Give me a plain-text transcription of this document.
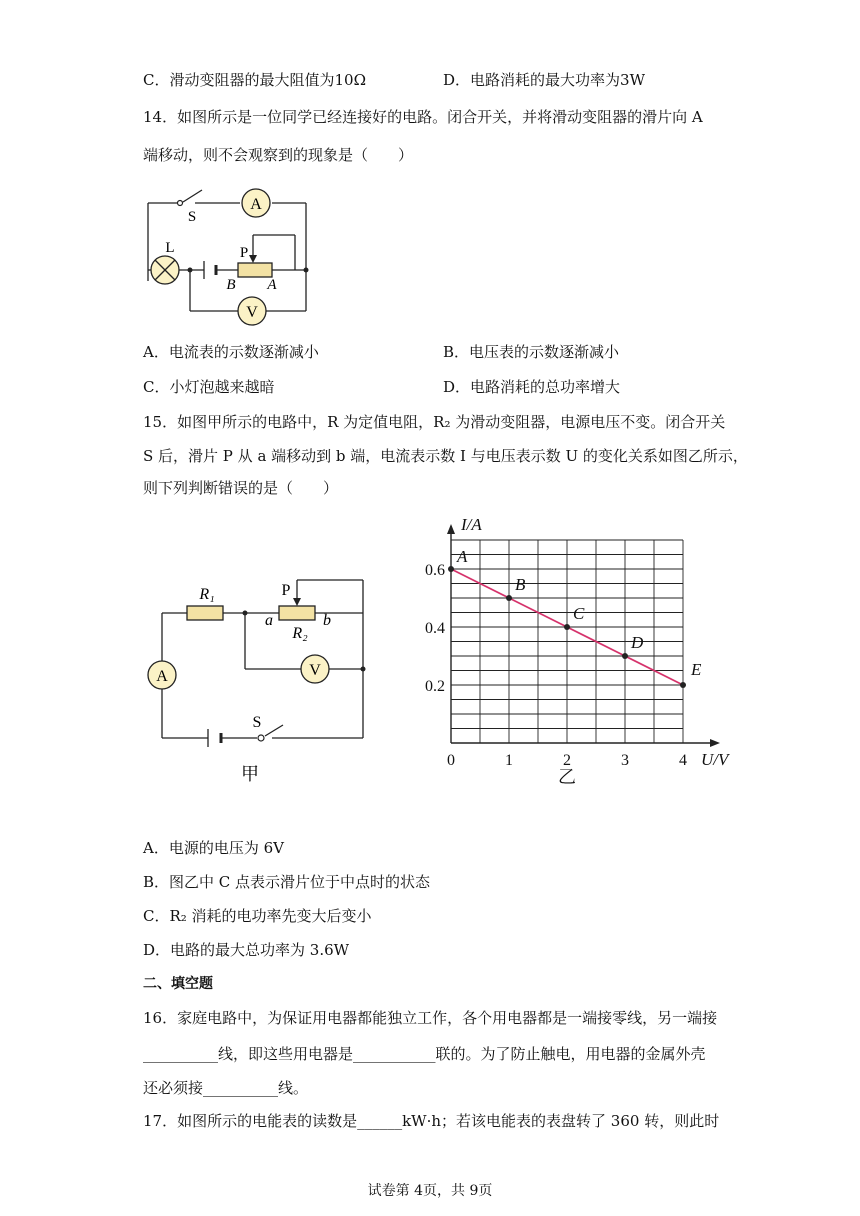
C．滑动变阻器的最大阻值为10Ω	D．电路消耗的最大功率为3W
14．如图所示是一位同学已经连接好的电路。闭合开关，并将滑动变阻器的滑片向 A
端移动，则不会观察到的现象是（　　）
A
S
L	P
B A
V
A．电流表的示数逐渐减小	B．电压表的示数逐渐减小
C．小灯泡越来越暗	D．电路消耗的总功率增大
15．如图甲所示的电路中，R 为定值电阻，R₂ 为滑动变阻器，电源电压不变。闭合开关
S 后，滑片 P 从 a 端移动到 b 端，电流表示数 I 与电压表示数 U 的变化关系如图乙所示，
则下列判断错误的是（　　）
R₁	P
a
R₂
b
A	V
S
甲
0	1	2	3	4
0.2
0.4
0.6
I/A
U/V
A
B
C
D
E
乙
A．电源的电压为 6V
B．图乙中 C 点表示滑片位于中点时的状态
C．R₂ 消耗的电功率先变大后变小
D．电路的最大总功率为 3.6W
二、填空题
16．家庭电路中，为保证用电器都能独立工作，各个用电器都是一端接零线，另一端接
__________线，即这些用电器是___________联的。为了防止触电，用电器的金属外壳
还必须接__________线。
17．如图所示的电能表的读数是______kW·h；若该电能表的表盘转了 360 转，则此时
试卷第 4页，共 9页
